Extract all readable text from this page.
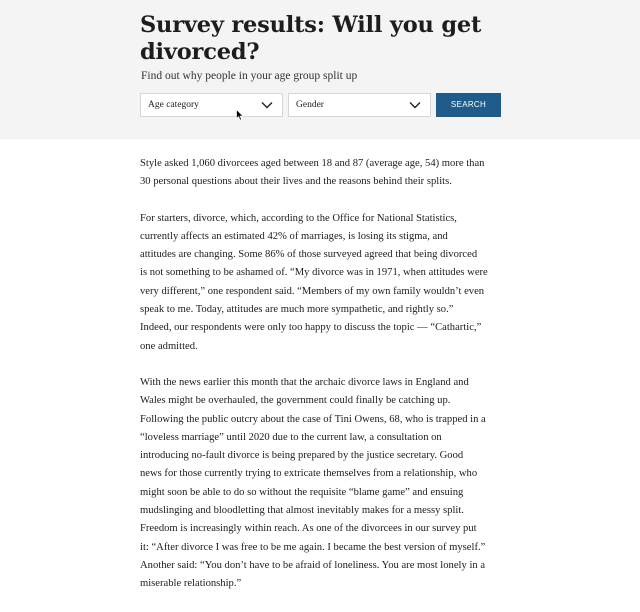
Survey results: Will you get divorced?

Find out why people in your age group split up

Age category	Gender	SEARCH

Style asked 1,060 divorcees aged between 18 and 87 (average age, 54) more than
30 personal questions about their lives and the reasons behind their splits.

For starters, divorce, which, according to the Office for National Statistics,
currently affects an estimated 42% of marriages, is losing its stigma, and
attitudes are changing. Some 86% of those surveyed agreed that being divorced
is not something to be ashamed of. “My divorce was in 1971, when attitudes were
very different,” one respondent said. “Members of my own family wouldn’t even
speak to me. Today, attitudes are much more sympathetic, and rightly so.”
Indeed, our respondents were only too happy to discuss the topic — “Cathartic,”
one admitted.

With the news earlier this month that the archaic divorce laws in England and
Wales might be overhauled, the government could finally be catching up.
Following the public outcry about the case of Tini Owens, 68, who is trapped in a
“loveless marriage” until 2020 due to the current law, a consultation on
introducing no-fault divorce is being prepared by the justice secretary. Good
news for those currently trying to extricate themselves from a relationship, who
might soon be able to do so without the requisite “blame game” and ensuing
mudslinging and bloodletting that almost inevitably makes for a messy split.
Freedom is increasingly within reach. As one of the divorcees in our survey put
it: “After divorce I was free to be me again. I became the best version of myself.”
Another said: “You don’t have to be afraid of loneliness. You are most lonely in a
miserable relationship.”
